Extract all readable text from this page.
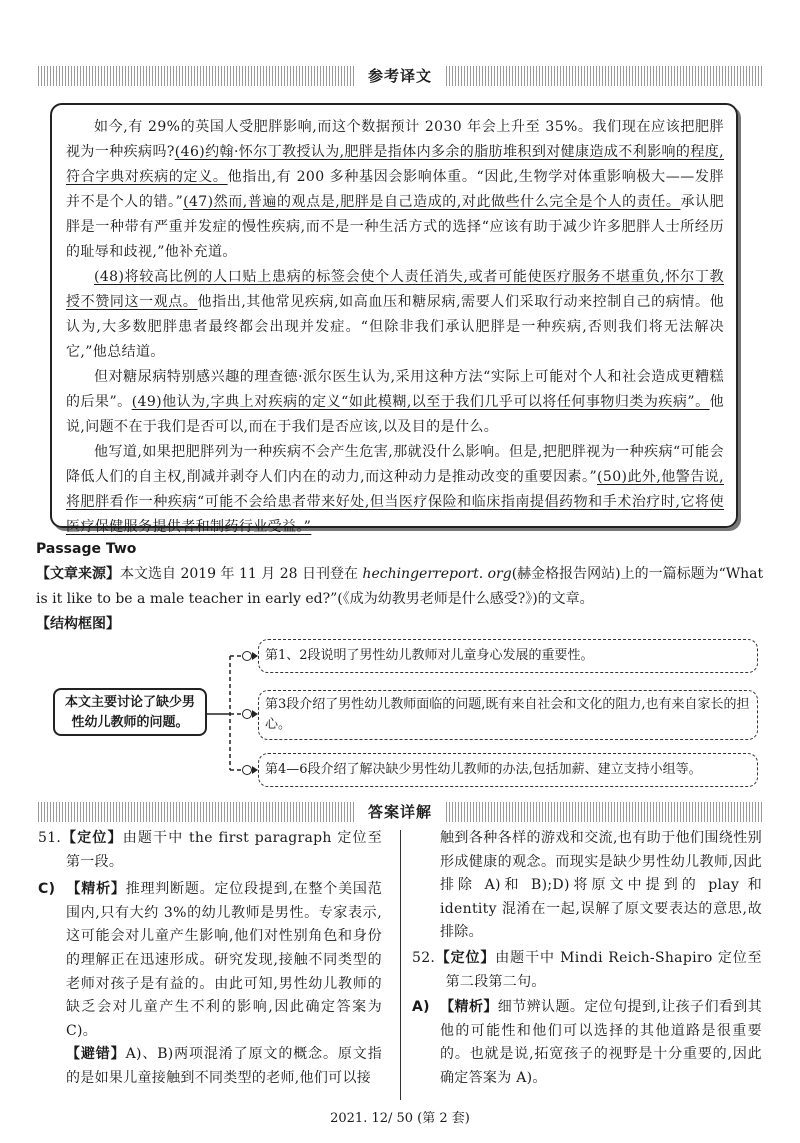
参考译文

如今,有 29%的英国人受肥胖影响,而这个数据预计 2030 年会上升至 35%。我们现在应该把肥胖视为一种疾病吗?(46)约翰·怀尔丁教授认为,肥胖是指体内多余的脂肪堆积到对健康造成不利影响的程度,符合字典对疾病的定义。他指出,有 200 多种基因会影响体重。“因此,生物学对体重影响极大——发胖并不是个人的错。”(47)然而,普遍的观点是,肥胖是自己造成的,对此做些什么完全是个人的责任。承认肥胖是一种带有严重并发症的慢性疾病,而不是一种生活方式的选择“应该有助于减少许多肥胖人士所经历的耻辱和歧视,”他补充道。

(48)将较高比例的人口贴上患病的标签会使个人责任消失,或者可能使医疗服务不堪重负,怀尔丁教授不赞同这一观点。他指出,其他常见疾病,如高血压和糖尿病,需要人们采取行动来控制自己的病情。他认为,大多数肥胖患者最终都会出现并发症。“但除非我们承认肥胖是一种疾病,否则我们将无法解决它,”他总结道。

但对糖尿病特别感兴趣的理查德·派尔医生认为,采用这种方法“实际上可能对个人和社会造成更糟糕的后果”。(49)他认为,字典上对疾病的定义“如此模糊,以至于我们几乎可以将任何事物归类为疾病”。他说,问题不在于我们是否可以,而在于我们是否应该,以及目的是什么。

他写道,如果把肥胖列为一种疾病不会产生危害,那就没什么影响。但是,把肥胖视为一种疾病“可能会降低人们的自主权,削减并剥夺人们内在的动力,而这种动力是推动改变的重要因素。”(50)此外,他警告说,将肥胖看作一种疾病“可能不会给患者带来好处,但当医疗保险和临床指南提倡药物和手术治疗时,它将使医疗保健服务提供者和制药行业受益。”

Passage Two
【文章来源】本文选自 2019 年 11 月 28 日刊登在 hechingerreport. org(赫金格报告网站)上的一篇标题为“What is it like to be a male teacher in early ed?”(《成为幼教男老师是什么感受?》)的文章。
【结构框图】
本文主要讨论了缺少男性幼儿教师的问题。
第1、2段说明了男性幼儿教师对儿童身心发展的重要性。
第3段介绍了男性幼儿教师面临的问题,既有来自社会和文化的阻力,也有来自家长的担心。
第4—6段介绍了解决缺少男性幼儿教师的办法,包括加薪、建立支持小组等。
答案详解

51.【定位】由题干中 the first paragraph 定位至第一段。

C) 【精析】推理判断题。定位段提到,在整个美国范围内,只有大约 3%的幼儿教师是男性。专家表示,这可能会对儿童产生影响,他们对性别角色和身份的理解正在迅速形成。研究发现,接触不同类型的老师对孩子是有益的。由此可知,男性幼儿教师的缺乏会对儿童产生不利的影响,因此确定答案为 C)。

【避错】A)、B)两项混淆了原文的概念。原文指的是如果儿童接触到不同类型的老师,他们可以接

触到各种各样的游戏和交流,也有助于他们围绕性别形成健康的观念。而现实是缺少男性幼儿教师,因此排除 A)和 B);D)将原文中提到的 play 和 identity 混淆在一起,误解了原文要表达的意思,故排除。

52.【定位】由题干中 Mindi Reich-Shapiro 定位至第二段第二句。

A) 【精析】细节辨认题。定位句提到,让孩子们看到其他的可能性和他们可以选择的其他道路是很重要的。也就是说,拓宽孩子的视野是十分重要的,因此确定答案为 A)。

2021. 12/ 50 (第 2 套)
